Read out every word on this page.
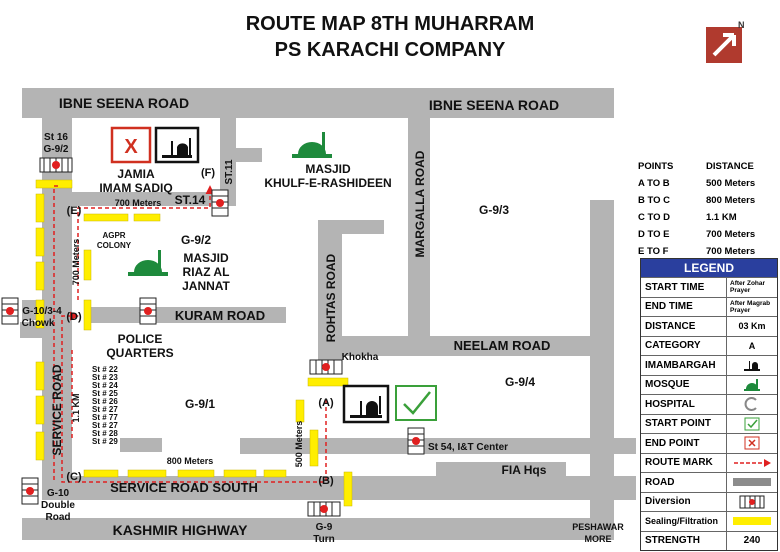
ROUTE MAP 8TH MUHARRAM
PS KARACHI COMPANY
N
X
IBNE SEENA ROAD	IBNE SEENA ROAD
MARGALLA ROAD
ROHTAS ROAD
KURAM ROAD
NEELAM ROAD
SERVICE ROAD
SERVICE ROAD SOUTH
KASHMIR HIGHWAY
ST.14
ST.11
St 16
G-9/2
JAMIA
IMAM SADIQ
MASJID
KHULF-E-RASHIDEEN
AGPR
COLONY	G-9/2
MASJID
RIAZ AL
JANNAT
G-9/3
G-9/4
G-9/1
G-10/3-4
Chowk
POLICE
QUARTERS	Khokha
St 54, I&T Center
FIA Hqs
G-10
Double
Road
G-9
Turn
PESHAWAR
MORE
St # 22
St # 23
St # 24
St # 25
St # 26
St # 27
St # 77
St # 27
St # 28
St # 29
(A)
(B)
(C)
(D)
(E)
(F)
500 Meters
800 Meters
1.1 KM
700 Meters
700 Meters
POINTS	DISTANCE
A TO B	500 Meters
B TO C	800 Meters
C TO D	1.1 KM
D TO E	700 Meters
E TO F	700 Meters
LEGEND
START TIME	After Zohar Prayer
END TIME	After Magrab Prayer
DISTANCE	03 Km
CATEGORY	A
IMAMBARGAH
MOSQUE
HOSPITAL
START POINT
END POINT
ROUTE MARK
ROAD
Diversion
Sealing/Filtration
STRENGTH	240
